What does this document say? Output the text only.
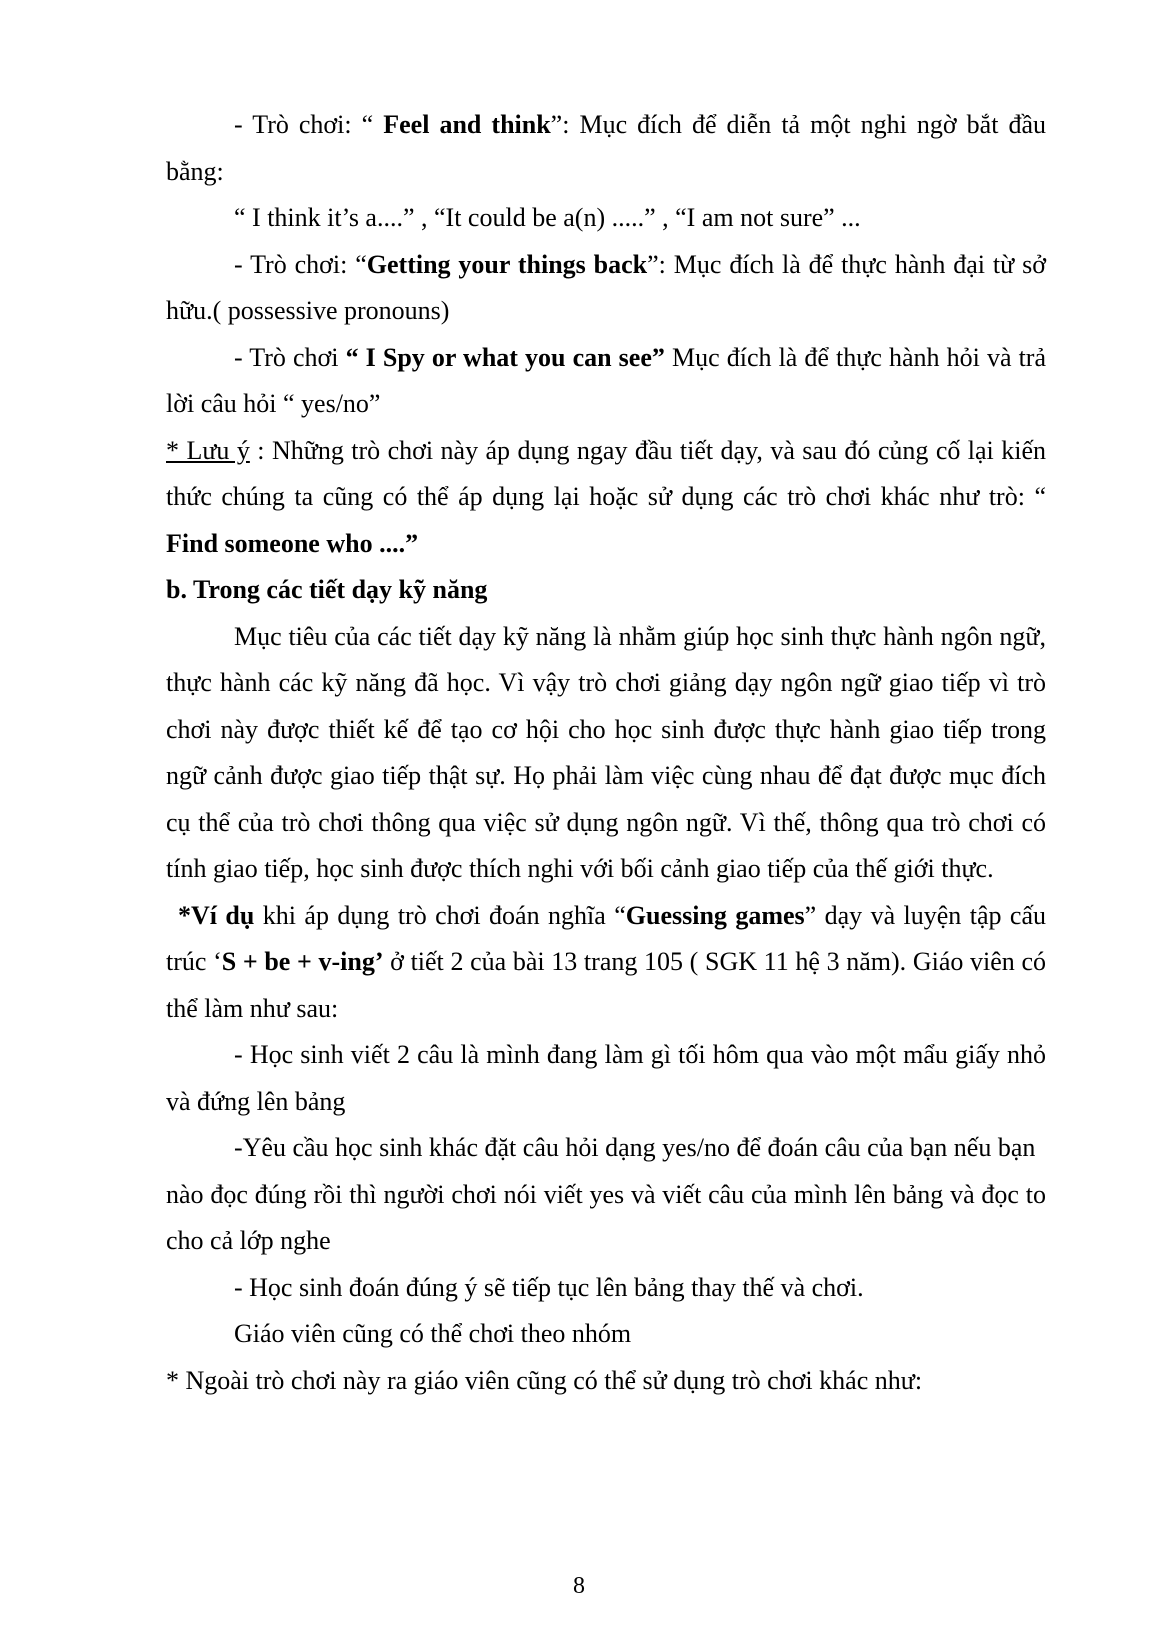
- Trò chơi: “ Feel and think”: Mục đích để diễn tả một nghi ngờ bắt đầu bằng:

“ I think it’s a....” , “It could be a(n) .....” , “I am not sure” ...

- Trò chơi: “Getting your things back”: Mục đích là để thực hành đại từ sở hữu.( possessive pronouns)

- Trò chơi “ I Spy or what you can see” Mục đích là để thực hành hỏi và trả lời câu hỏi “ yes/no”

* Lưu ý : Những trò chơi này áp dụng ngay đầu tiết dạy, và sau đó củng cố lại kiến thức chúng ta cũng có thể áp dụng lại hoặc sử dụng các trò chơi khác như trò: “ Find someone who ....”

b. Trong các tiết dạy kỹ năng

Mục tiêu của các tiết dạy kỹ năng là nhằm giúp học sinh thực hành ngôn ngữ, thực hành các kỹ năng đã học. Vì vậy trò chơi giảng dạy ngôn ngữ giao tiếp vì trò chơi này được thiết kế để tạo cơ hội cho học sinh được thực hành giao tiếp trong ngữ cảnh được giao tiếp thật sự. Họ phải làm việc cùng nhau để đạt được mục đích cụ thể của trò chơi thông qua việc sử dụng ngôn ngữ. Vì thế, thông qua trò chơi có tính giao tiếp, học sinh được thích nghi với bối cảnh giao tiếp của thế giới thực.

*Ví dụ khi áp dụng trò chơi đoán nghĩa “Guessing games” dạy và luyện tập cấu trúc ‘S + be + v-ing’ ở tiết 2 của bài 13 trang 105 ( SGK 11 hệ 3 năm). Giáo viên có thể làm như sau:

- Học sinh viết 2 câu là mình đang làm gì tối hôm qua vào một mẩu giấy nhỏ và đứng lên bảng

-Yêu cầu học sinh khác đặt câu hỏi dạng yes/no để đoán câu của bạn nếu bạn

nào đọc đúng rồi thì người chơi nói viết yes và viết câu của mình lên bảng và đọc to cho cả lớp nghe

- Học sinh đoán đúng ý sẽ tiếp tục lên bảng thay thế và chơi.

Giáo viên cũng có thể chơi theo nhóm

* Ngoài trò chơi này ra giáo viên cũng có thể sử dụng trò chơi khác như:

8
